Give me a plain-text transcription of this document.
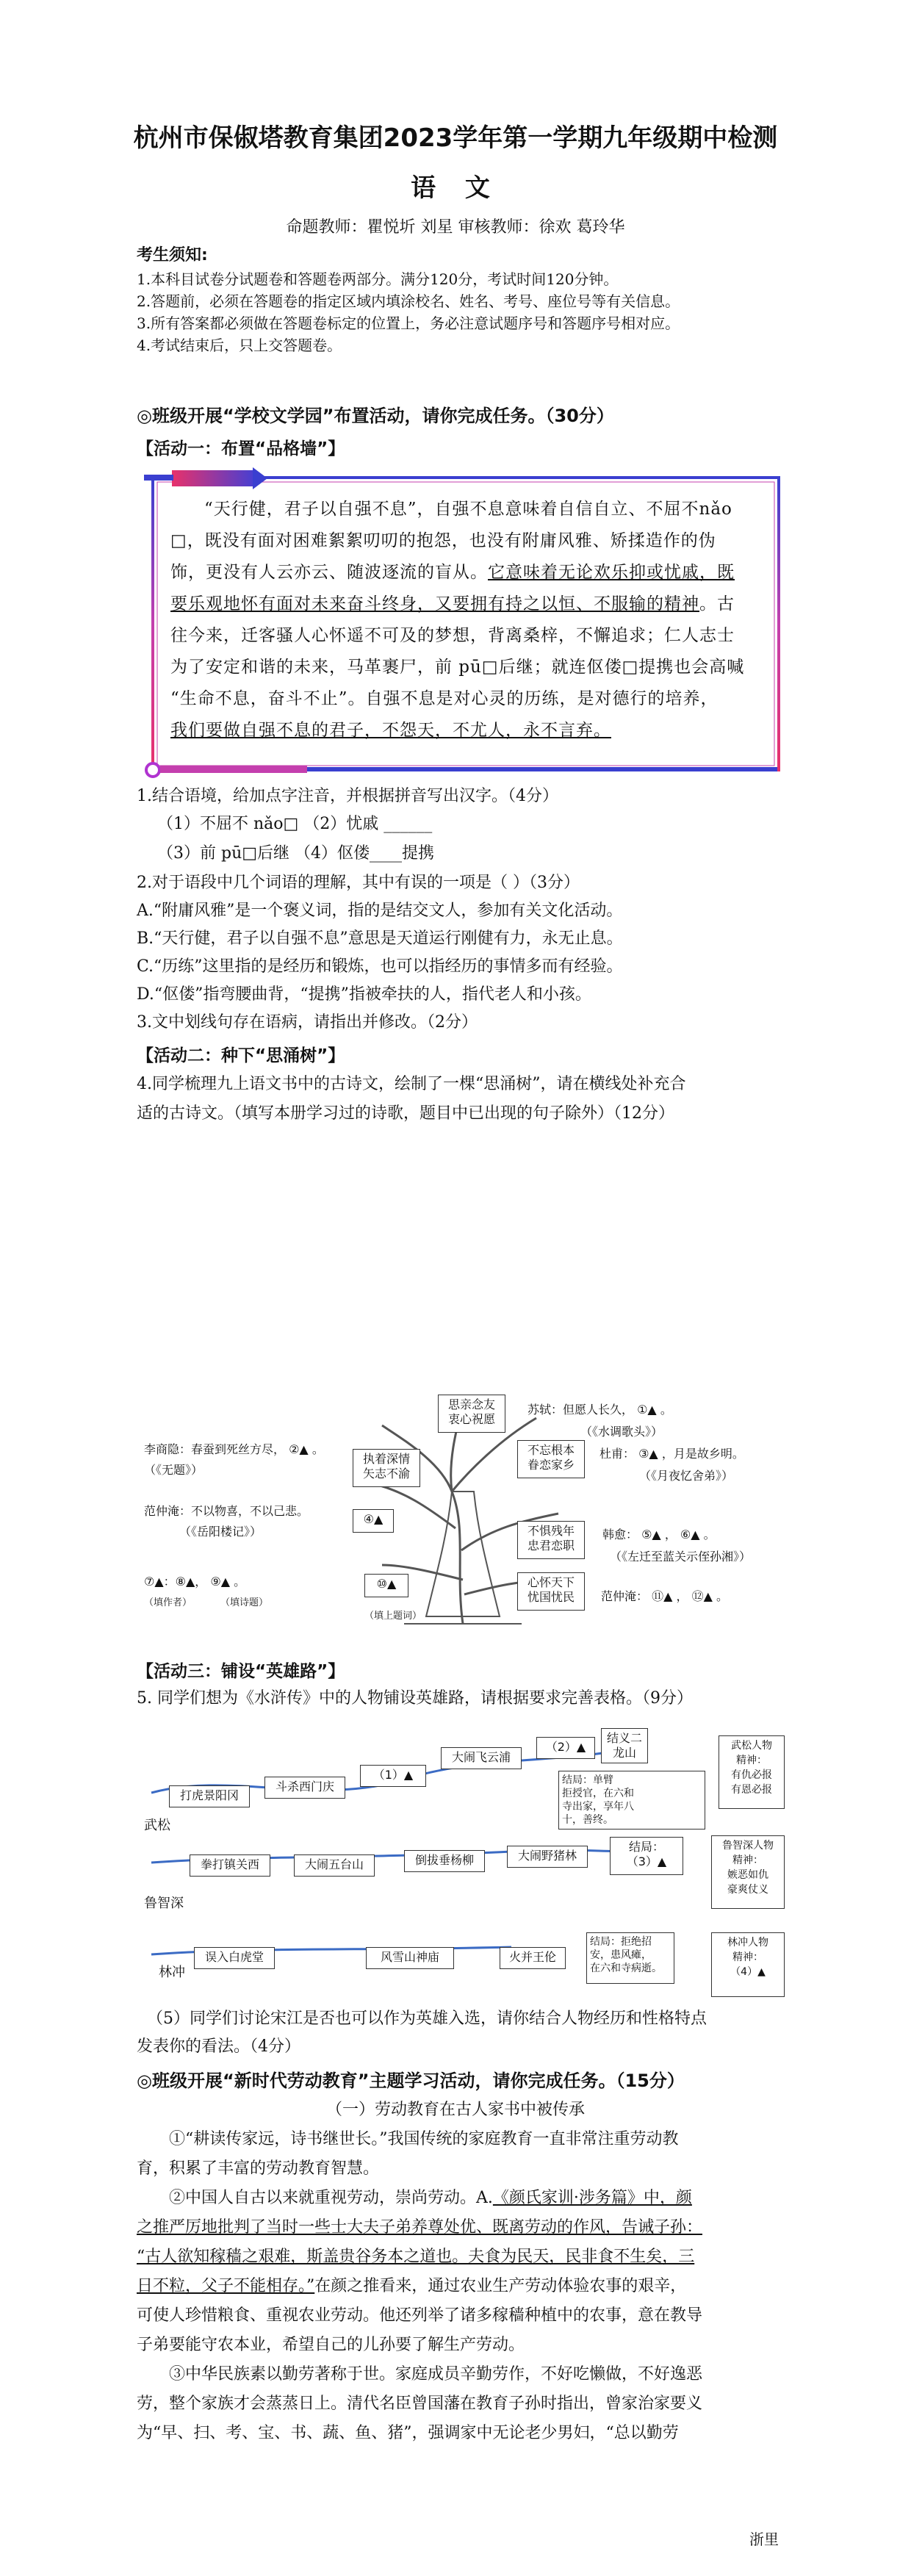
杭州市保俶塔教育集团2023学年第一学期九年级期中检测
语 文
命题教师：瞿悦圻 刘星 审核教师：徐欢 葛玲华
考生须知:
1.本科目试卷分试题卷和答题卷两部分。满分120分，考试时间120分钟。
2.答题前，必须在答题卷的指定区域内填涂校名、姓名、考号、座位号等有关信息。
3.所有答案都必须做在答题卷标定的位置上，务必注意试题序号和答题序号相对应。
4.考试结束后，只上交答题卷。
◎班级开展“学校文学园”布置活动，请你完成任务。（30分）
【活动一：布置“品格墙”】
“天行健，君子以自强不息”，自强不息意味着自信自立、不屈不nǎo
□，既没有面对困难絮絮叨叨的抱怨，也没有附庸风雅、矫揉造作的伪
饰，更没有人云亦云、随波逐流的盲从。它意味着无论欢乐抑或忧戚，既
要乐观地怀有面对未来奋斗终身，又要拥有持之以恒、不服输的精神。古
往今来，迁客骚人心怀遥不可及的梦想，背离桑梓，不懈追求；仁人志士
为了安定和谐的未来，马革裹尸，前 pū□后继；就连伛偻□提携也会高喊
“生命不息，奋斗不止”。自强不息是对心灵的历练，是对德行的培养，
我们要做自强不息的君子，不怨天，不尤人，永不言弃。
1.结合语境，给加点字注音，并根据拼音写出汉字。（4分）
（1）不屈不 nǎo□ （2）忧戚 ______
（3）前 pū□后继 （4）伛偻____提携
2.对于语段中几个词语的理解，其中有误的一项是（ ）（3分）
A.“附庸风雅”是一个褒义词，指的是结交文人，参加有关文化活动。
B.“天行健，君子以自强不息”意思是天道运行刚健有力，永无止息。
C.“历练”这里指的是经历和锻炼，也可以指经历的事情多而有经验。
D.“伛偻”指弯腰曲背，“提携”指被牵扶的人，指代老人和小孩。
3.文中划线句存在语病，请指出并修改。（2分）
【活动二：种下“思涌树”】
4.同学梳理九上语文书中的古诗文，绘制了一棵“思涌树”，请在横线处补充合
适的古诗文。（填写本册学习过的诗歌，题目中已出现的句子除外）（12分）
思亲念友
衷心祝愿
苏轼：但愿人长久， ①▲ 。
（《水调歌头》）
李商隐：春蚕到死丝方尽， ②▲ 。
（《无题》）
执着深情
矢志不渝
不忘根本
眷恋家乡
杜甫： ③▲ ，月是故乡明。
（《月夜忆舍弟》）
范仲淹：不以物喜，不以己悲。
（《岳阳楼记》）
④▲
不惧残年
忠君恋职
韩愈： ⑤▲ ， ⑥▲ 。
（《左迁至蓝关示侄孙湘》）
⑦▲：⑧▲， ⑨▲ 。
（填作者）	（填诗题）
⑩▲
（填上题词）
心怀天下
忧国忧民	范仲淹： ⑪▲ ， ⑫▲ 。
【活动三：铺设“英雄路”】
5. 同学们想为《水浒传》中的人物铺设英雄路，请根据要求完善表格。（9分）
武松
打虎景阳冈
斗杀西门庆
（1）▲
大闹飞云浦
（2）▲
结义二
龙山
结局：单臂
拒授官，在六和
寺出家，享年八
十，善终。
武松人物
精神：
有仇必报
有恩必报
鲁智深
拳打镇关西	大闹五台山	倒拔垂杨柳	大闹野猪林
结局：
（3）▲
鲁智深人物
精神：
嫉恶如仇
豪爽仗义
林冲
误入白虎堂	风雪山神庙	火并王伦
结局：拒绝招
安，患风瘫，
在六和寺病逝。
林冲人物
精神：
（4）▲
（5）同学们讨论宋江是否也可以作为英雄入选，请你结合人物经历和性格特点
发表你的看法。（4分）
◎班级开展“新时代劳动教育”主题学习活动，请你完成任务。（15分）
（一）劳动教育在古人家书中被传承
①“耕读传家远，诗书继世长。”我国传统的家庭教育一直非常注重劳动教
育，积累了丰富的劳动教育智慧。
②中国人自古以来就重视劳动，崇尚劳动。A.《颜氏家训·涉务篇》中，颜
之推严厉地批判了当时一些士大夫子弟养尊处优、既离劳动的作风，告诫子孙：
“古人欲知稼穑之艰难，斯盖贵谷务本之道也。夫食为民天，民非食不生矣，三
日不粒，父子不能相存。”在颜之推看来，通过农业生产劳动体验农事的艰辛，
可使人珍惜粮食、重视农业劳动。他还列举了诸多稼穑种植中的农事，意在教导
子弟要能守农本业，希望自己的儿孙要了解生产劳动。
③中华民族素以勤劳著称于世。家庭成员辛勤劳作，不好吃懒做，不好逸恶
劳，整个家族才会蒸蒸日上。清代名臣曾国藩在教育子孙时指出，曾家治家要义
为“早、扫、考、宝、书、蔬、鱼、猪”，强调家中无论老少男妇，“总以勤劳
浙里
